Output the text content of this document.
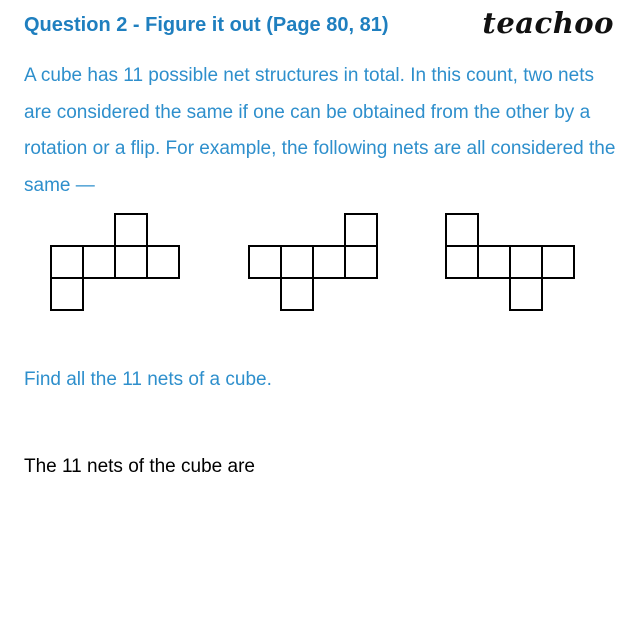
Question 2 - Figure it out (Page 80, 81)	teachoo
A cube has 11 possible net structures in total. In this count, two nets are considered the same if one can be obtained from the other by a rotation or a flip. For example, the following nets are all considered the same —
Find all the 11 nets of a cube.
The 11 nets of the cube are
